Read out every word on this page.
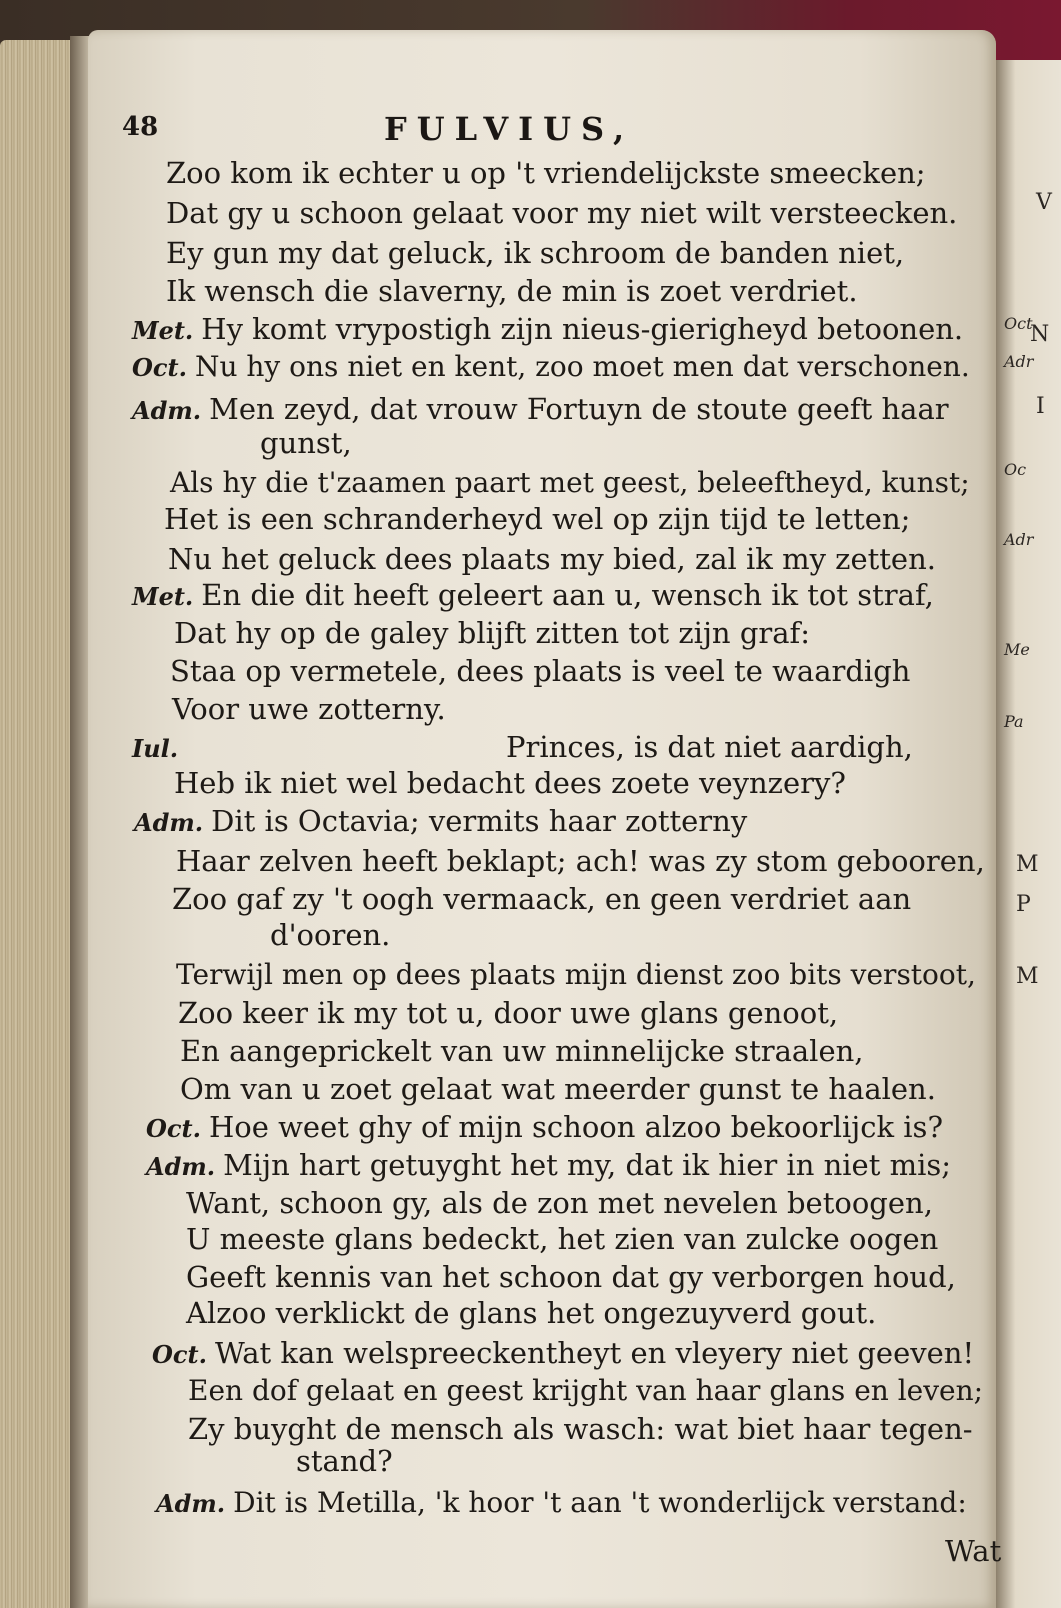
V
N
Oct
Adr
I
Oc
Adr
Me
Pa
M
P
M
48	FULVIUS,
Zoo kom ik echter u op 't vriendelijckste smeecken;
Dat gy u schoon gelaat voor my niet wilt versteecken.
Ey gun my dat geluck, ik schroom de banden niet,
Ik wensch die slaverny, de min is zoet verdriet.
Met. Hy komt vrypostigh zijn nieus-gierigheyd betoonen.
Oct. Nu hy ons niet en kent, zoo moet men dat verschonen.
Adm. Men zeyd, dat vrouw Fortuyn de stoute geeft haar
gunst,
Als hy die t'zaamen paart met geest, beleeftheyd, kunst;
Het is een schranderheyd wel op zijn tijd te letten;
Nu het geluck dees plaats my bied, zal ik my zetten.
Met. En die dit heeft geleert aan u, wensch ik tot straf,
Dat hy op de galey blijft zitten tot zijn graf:
Staa op vermetele, dees plaats is veel te waardigh
Voor uwe zotterny.
Iul.	Princes, is dat niet aardigh,
Heb ik niet wel bedacht dees zoete veynzery?
Adm. Dit is Octavia; vermits haar zotterny
Haar zelven heeft beklapt; ach! was zy stom gebooren,
Zoo gaf zy 't oogh vermaack, en geen verdriet aan
d'ooren.
Terwijl men op dees plaats mijn dienst zoo bits verstoot,
Zoo keer ik my tot u, door uwe glans genoot,
En aangeprickelt van uw minnelijcke straalen,
Om van u zoet gelaat wat meerder gunst te haalen.
Oct. Hoe weet ghy of mijn schoon alzoo bekoorlijck is?
Adm. Mijn hart getuyght het my, dat ik hier in niet mis;
Want, schoon gy, als de zon met nevelen betoogen,
U meeste glans bedeckt, het zien van zulcke oogen
Geeft kennis van het schoon dat gy verborgen houd,
Alzoo verklickt de glans het ongezuyverd gout.
Oct. Wat kan welspreeckentheyt en vleyery niet geeven!
Een dof gelaat en geest krijght van haar glans en leven;
Zy buyght de mensch als wasch: wat biet haar tegen-
stand?
Adm. Dit is Metilla, 'k hoor 't aan 't wonderlijck verstand:
Wat
